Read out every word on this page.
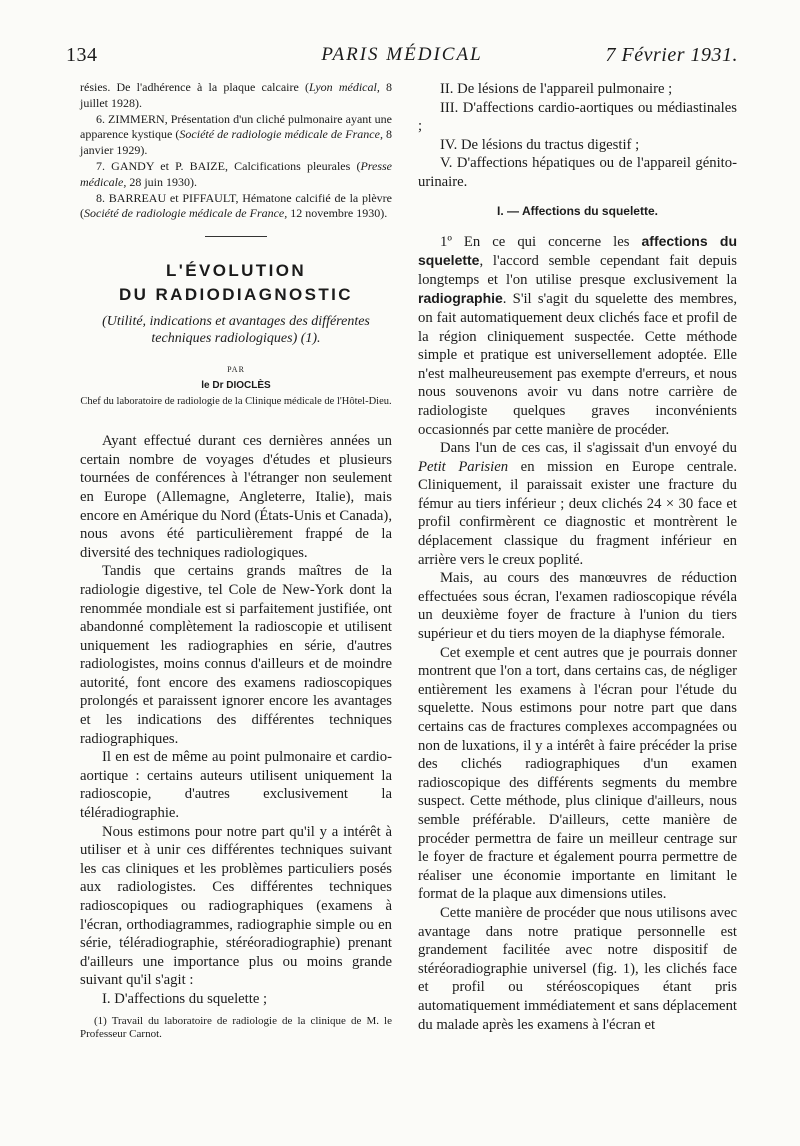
134	PARIS MÉDICAL	7 Février 1931.

résies. De l'adhérence à la plaque calcaire (Lyon médical, 8 juillet 1928).

6. ZIMMERN, Présentation d'un cliché pulmonaire ayant une apparence kystique (Société de radiologie médicale de France, 8 janvier 1929).

7. GANDY et P. BAIZE, Calcifications pleurales (Presse médicale, 28 juin 1930).

8. BARREAU et PIFFAULT, Hématone calcifié de la plèvre (Société de radiologie médicale de France, 12 novembre 1930).

L'ÉVOLUTION
DU RADIODIAGNOSTIC

(Utilité, indications et avantages des différentes techniques radiologiques) (1).

PAR

le Dr DIOCLÈS

Chef du laboratoire de radiologie de la Clinique médicale de l'Hôtel-Dieu.

Ayant effectué durant ces dernières années un certain nombre de voyages d'études et plusieurs tournées de conférences à l'étranger non seulement en Europe (Allemagne, Angleterre, Italie), mais encore en Amérique du Nord (États-Unis et Canada), nous avons été particulièrement frappé de la diversité des techniques radiologiques.

Tandis que certains grands maîtres de la radiologie digestive, tel Cole de New-York dont la renommée mondiale est si parfaitement justifiée, ont abandonné complètement la radioscopie et utilisent uniquement les radiographies en série, d'autres radiologistes, moins connus d'ailleurs et de moindre autorité, font encore des examens radioscopiques prolongés et paraissent ignorer encore les avantages et les indications des différentes techniques radiographiques.

Il en est de même au point pulmonaire et cardio-aortique : certains auteurs utilisent uniquement la radioscopie, d'autres exclusivement la téléradiographie.

Nous estimons pour notre part qu'il y a intérêt à utiliser et à unir ces différentes techniques suivant les cas cliniques et les problèmes particuliers posés aux radiologistes. Ces différentes techniques radioscopiques ou radiographiques (examens à l'écran, orthodiagrammes, radiographie simple ou en série, téléradiographie, stéréoradiographie) prenant d'ailleurs une importance plus ou moins grande suivant qu'il s'agit :

I. D'affections du squelette ;

(1) Travail du laboratoire de radiologie de la clinique de M. le Professeur Carnot.

II. De lésions de l'appareil pulmonaire ;

III. D'affections cardio-aortiques ou médiastinales ;

IV. De lésions du tractus digestif ;

V. D'affections hépatiques ou de l'appareil génito-urinaire.

I. — Affections du squelette.

1º En ce qui concerne les affections du squelette, l'accord semble cependant fait depuis longtemps et l'on utilise presque exclusivement la radiographie. S'il s'agit du squelette des membres, on fait automatiquement deux clichés face et profil de la région cliniquement suspectée. Cette méthode simple et pratique est universellement adoptée. Elle n'est malheureusement pas exempte d'erreurs, et nous nous souvenons avoir vu dans notre carrière de radiologiste quelques graves inconvénients occasionnés par cette manière de procéder.

Dans l'un de ces cas, il s'agissait d'un envoyé du Petit Parisien en mission en Europe centrale. Cliniquement, il paraissait exister une fracture du fémur au tiers inférieur ; deux clichés 24 × 30 face et profil confirmèrent ce diagnostic et montrèrent le déplacement classique du fragment inférieur en arrière vers le creux poplité.

Mais, au cours des manœuvres de réduction effectuées sous écran, l'examen radioscopique révéla un deuxième foyer de fracture à l'union du tiers supérieur et du tiers moyen de la diaphyse fémorale.

Cet exemple et cent autres que je pourrais donner montrent que l'on a tort, dans certains cas, de négliger entièrement les examens à l'écran pour l'étude du squelette. Nous estimons pour notre part que dans certains cas de fractures complexes accompagnées ou non de luxations, il y a intérêt à faire précéder la prise des clichés radiographiques d'un examen radioscopique des différents segments du membre suspect. Cette méthode, plus clinique d'ailleurs, nous semble préférable. D'ailleurs, cette manière de procéder permettra de faire un meilleur centrage sur le foyer de fracture et également pourra permettre de réaliser une économie importante en limitant le format de la plaque aux dimensions utiles.

Cette manière de procéder que nous utilisons avec avantage dans notre pratique personnelle est grandement facilitée avec notre dispositif de stéréoradiographie universel (fig. 1), les clichés face et profil ou stéréoscopiques étant pris automatiquement immédiatement et sans déplacement du malade après les examens à l'écran et
